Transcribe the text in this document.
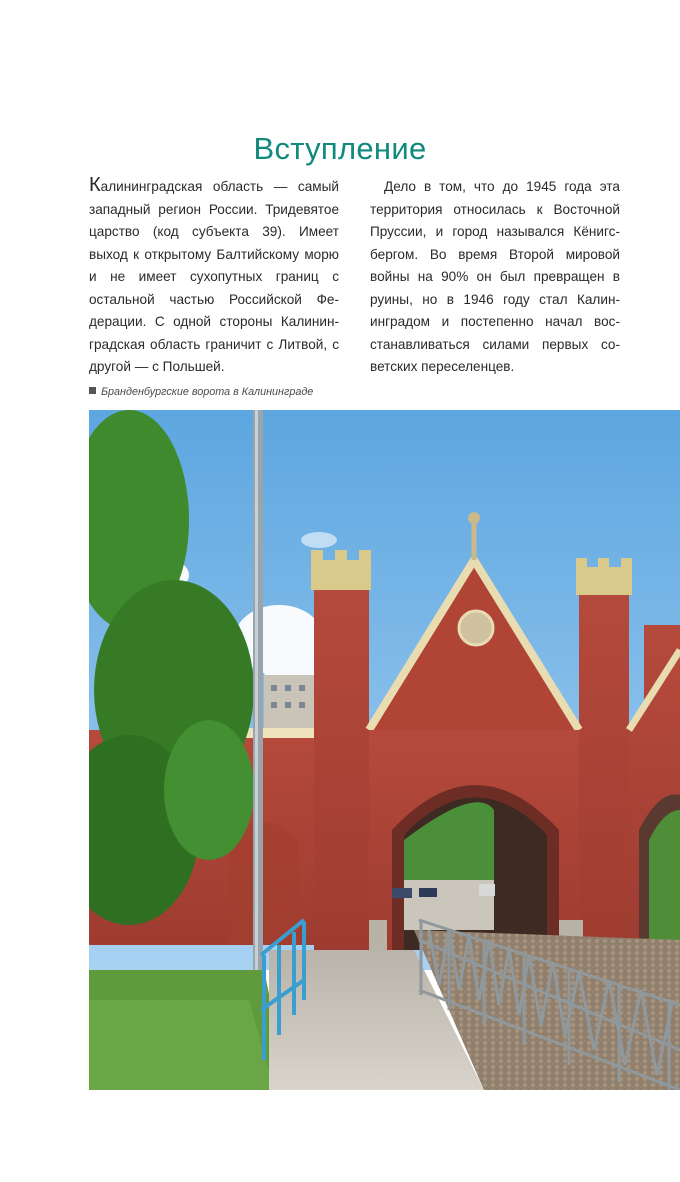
Вступление
Калининградская область — самый западный регион России. Тридевятое царство (код субъекта 39). Имеет выход к открытому Балтийскому морю и не имеет сухопутных границ с остальной частью Российской Федерации. С одной стороны Калининградская область граничит с Литвой, с другой — с Польшей.
Дело в том, что до 1945 года эта территория относилась к Восточной Пруссии, и город назывался Кёнигсбергом. Во время Второй мировой войны на 90% он был превращен в руины, но в 1946 году стал Калининградом и постепенно начал восстанавливаться силами первых советских переселенцев.
Бранденбургские ворота в Калининграде
